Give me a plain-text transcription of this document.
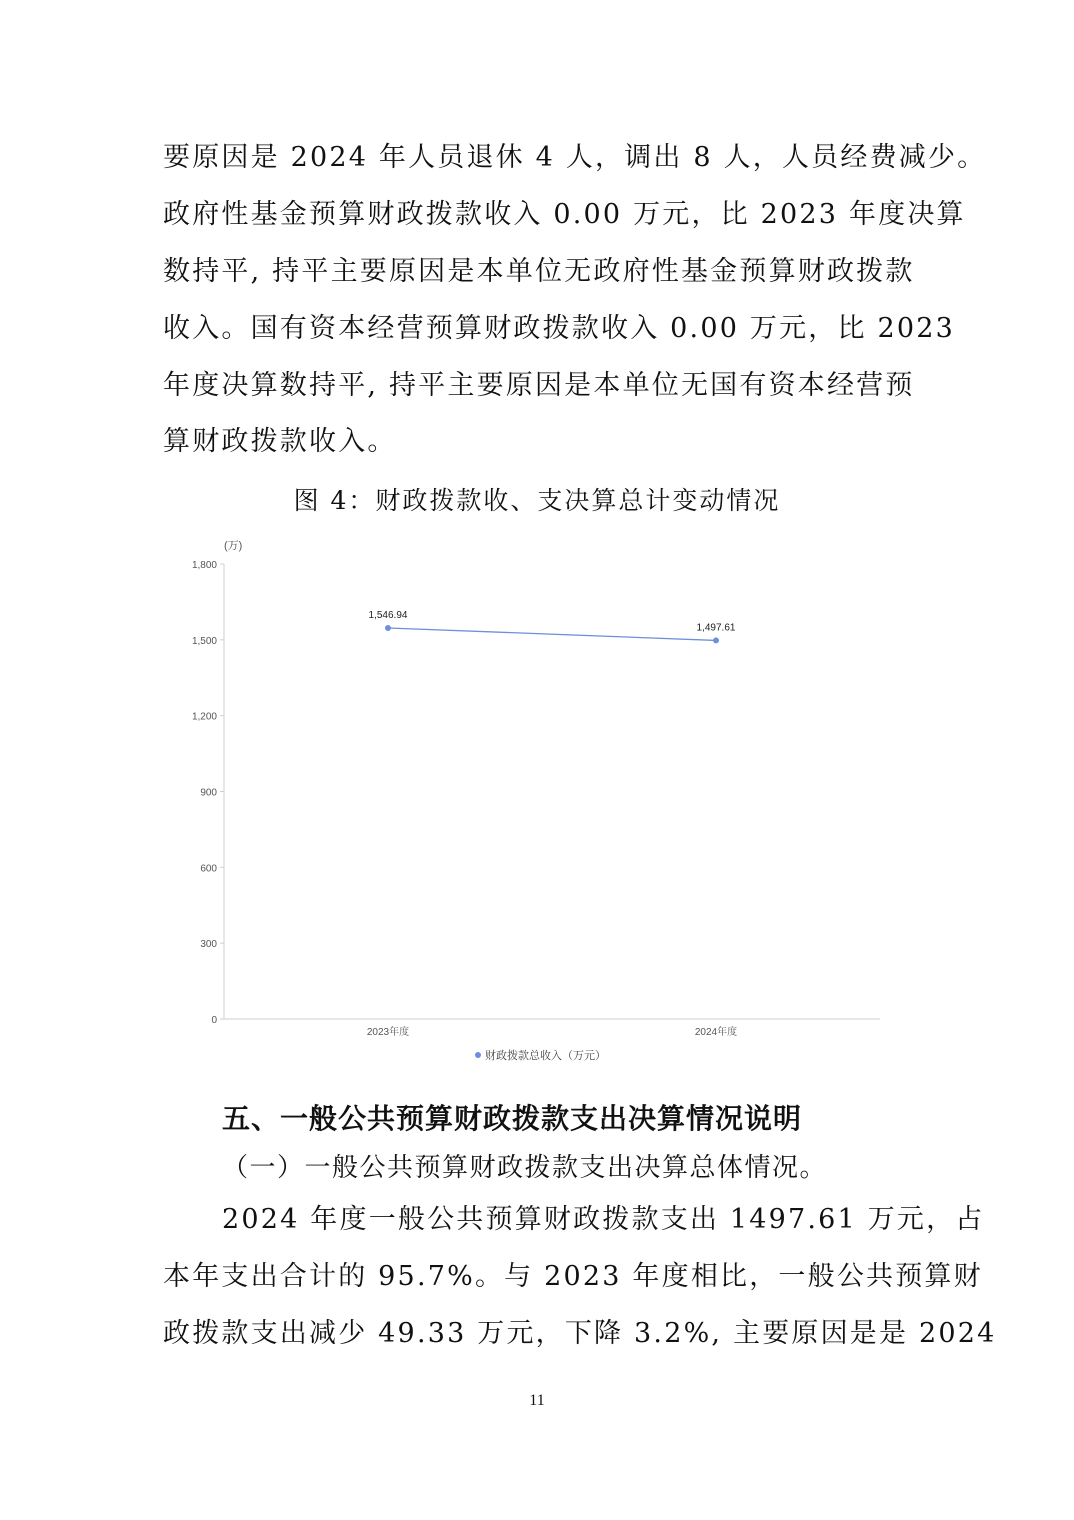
要原因是 2024 年人员退休 4 人，调出 8 人，人员经费减少。
政府性基金预算财政拨款收入 0.00 万元，比 2023 年度决算
数持平, 持平主要原因是本单位无政府性基金预算财政拨款
收入。国有资本经营预算财政拨款收入 0.00 万元，比 2023
年度决算数持平, 持平主要原因是本单位无国有资本经营预
算财政拨款收入。
图 4：财政拨款收、支决算总计变动情况
(万)
0
300
600
900
1,200
1,500
1,800
2023年度	2024年度
1,546.94
1,497.61
财政拨款总收入（万元）
五、一般公共预算财政拨款支出决算情况说明
（一）一般公共预算财政拨款支出决算总体情况。
2024 年度一般公共预算财政拨款支出 1497.61 万元，占
本年支出合计的 95.7%。与 2023 年度相比，一般公共预算财
政拨款支出减少 49.33 万元，下降 3.2%, 主要原因是是 2024
11
